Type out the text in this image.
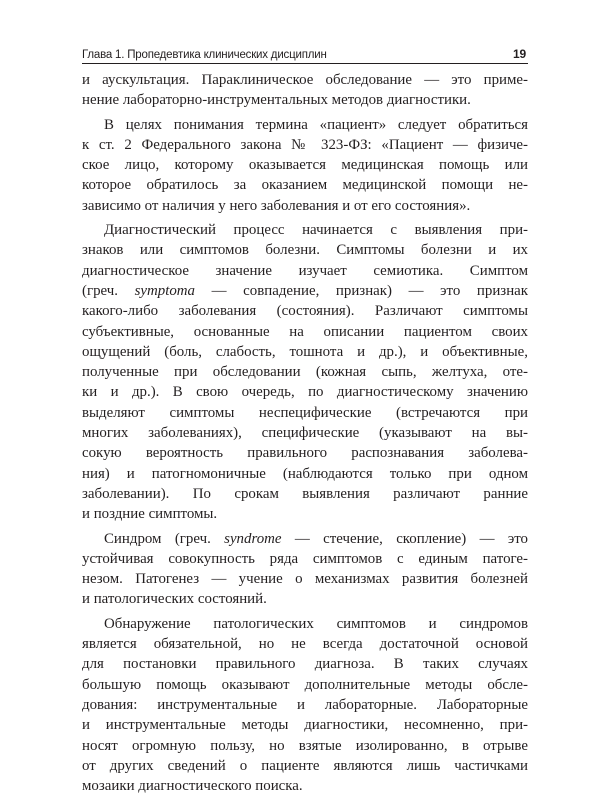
Глава 1. Пропедевтика клинических дисциплин	19
и аускультация. Параклиническое обследование — это приме-
нение лабораторно-инструментальных методов диагностики.
В целях понимания термина «пациент» следует обратиться
к ст. 2 Федерального закона № 323-ФЗ: «Пациент — физиче-
ское лицо, которому оказывается медицинская помощь или
которое обратилось за оказанием медицинской помощи не-
зависимо от наличия у него заболевания и от его состояния».
Диагностический процесс начинается с выявления при-
знаков или симптомов болезни. Симптомы болезни и их
диагностическое значение изучает семиотика. Симптом
(греч. symptoma — совпадение, признак) — это признак
какого-либо заболевания (состояния). Различают симптомы
субъективные, основанные на описании пациентом своих
ощущений (боль, слабость, тошнота и др.), и объективные,
полученные при обследовании (кожная сыпь, желтуха, оте-
ки и др.). В свою очередь, по диагностическому значению
выделяют симптомы неспецифические (встречаются при
многих заболеваниях), специфические (указывают на вы-
сокую вероятность правильного распознавания заболева-
ния) и патогномоничные (наблюдаются только при одном
заболевании). По срокам выявления различают ранние
и поздние симптомы.
Синдром (греч. syndrome — стечение, скопление) — это
устойчивая совокупность ряда симптомов с единым патоге-
незом. Патогенез — учение о механизмах развития болезней
и патологических состояний.
Обнаружение патологических симптомов и синдромов
является обязательной, но не всегда достаточной основой
для постановки правильного диагноза. В таких случаях
большую помощь оказывают дополнительные методы обсле-
дования: инструментальные и лабораторные. Лабораторные
и инструментальные методы диагностики, несомненно, при-
носят огромную пользу, но взятые изолированно, в отрыве
от других сведений о пациенте являются лишь частичками
мозаики диагностического поиска.
